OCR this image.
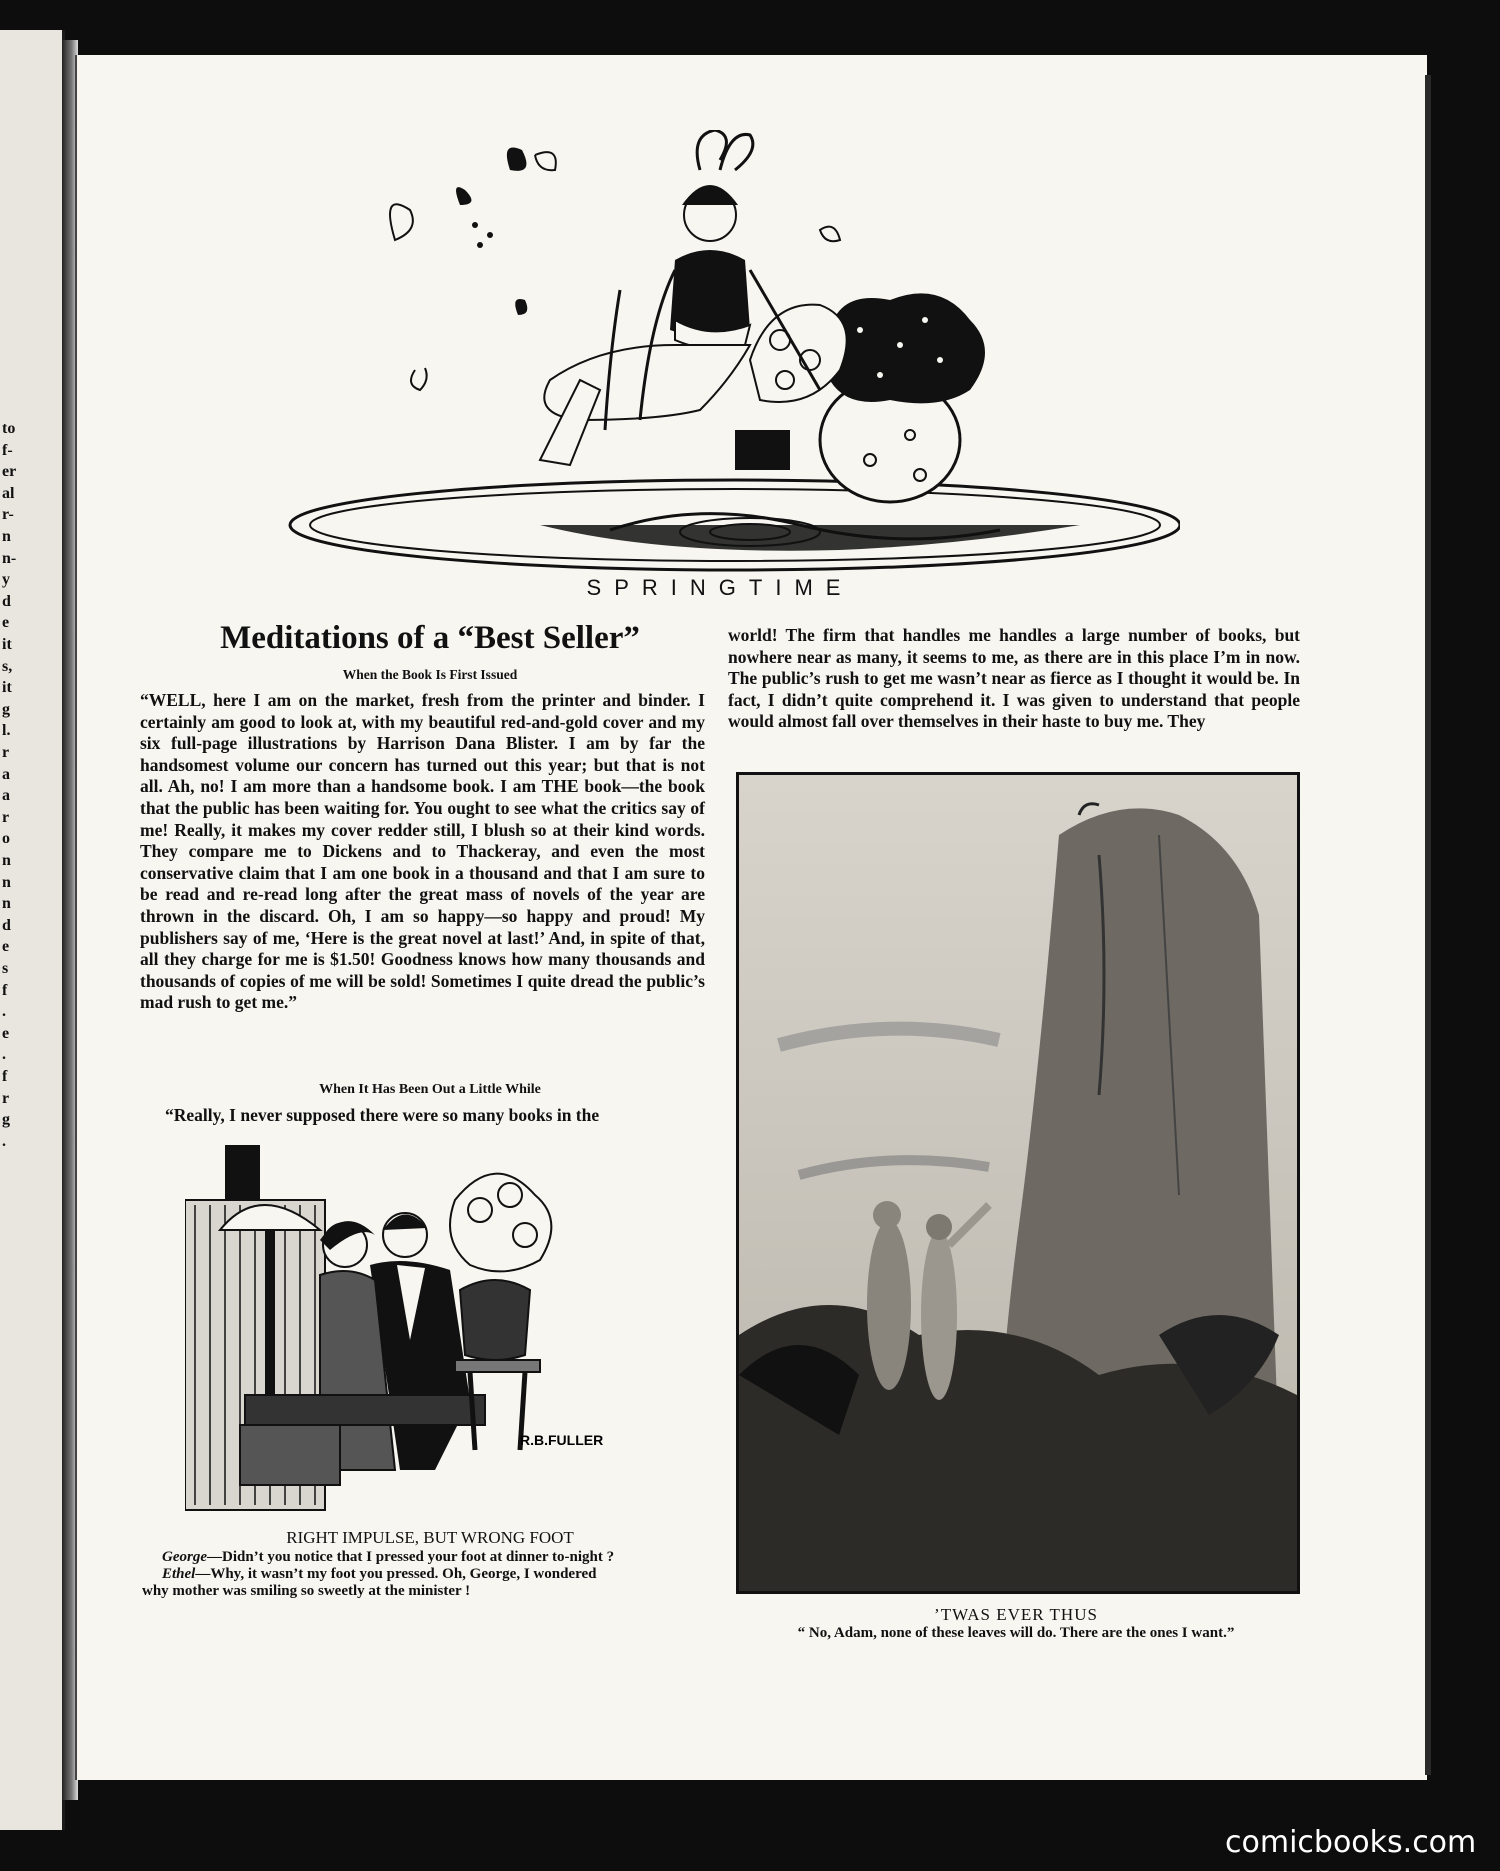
to
f-
er
al
r-
n
n-
y
d
e
it
s,
it
g
l.
r
a
a
r
o
n
n
n
d
e
s
f
.
e
.
f
r
g
.
SPRINGTIME
Meditations of a “Best Seller”
When the Book Is First Issued
“WELL, here I am on the market, fresh from the printer and binder. I certainly am good to look at, with my beautiful red-and-gold cover and my six full-page illustrations by Harrison Dana Blister. I am by far the handsomest volume our concern has turned out this year; but that is not all. Ah, no! I am more than a handsome book. I am THE book—the book that the public has been waiting for. You ought to see what the critics say of me! Really, it makes my cover redder still, I blush so at their kind words. They compare me to Dickens and to Thackeray, and even the most conservative claim that I am one book in a thousand and that I am sure to be read and re-read long after the great mass of novels of the year are thrown in the discard. Oh, I am so happy—so happy and proud! My publishers say of me, ‘Here is the great novel at last!’ And, in spite of that, all they charge for me is $1.50! Goodness knows how many thousands and thousands of copies of me will be sold! Sometimes I quite dread the public’s mad rush to get me.”
When It Has Been Out a Little While
“Really, I never supposed there were so many books in the
world! The firm that handles me handles a large number of books, but nowhere near as many, it seems to me, as there are in this place I’m in now. The public’s rush to get me wasn’t near as fierce as I thought it would be. In fact, I didn’t quite comprehend it. I was given to understand that people would almost fall over themselves in their haste to buy me. They
R.B.FULLER
RIGHT IMPULSE, BUT WRONG FOOT
George—Didn’t you notice that I pressed your foot at dinner to-night ?
Ethel—Why, it wasn’t my foot you pressed. Oh, George, I wondered
why mother was smiling so sweetly at the minister !
’TWAS EVER THUS
“ No, Adam, none of these leaves will do. There are the ones I want.”
comicbooks.com
